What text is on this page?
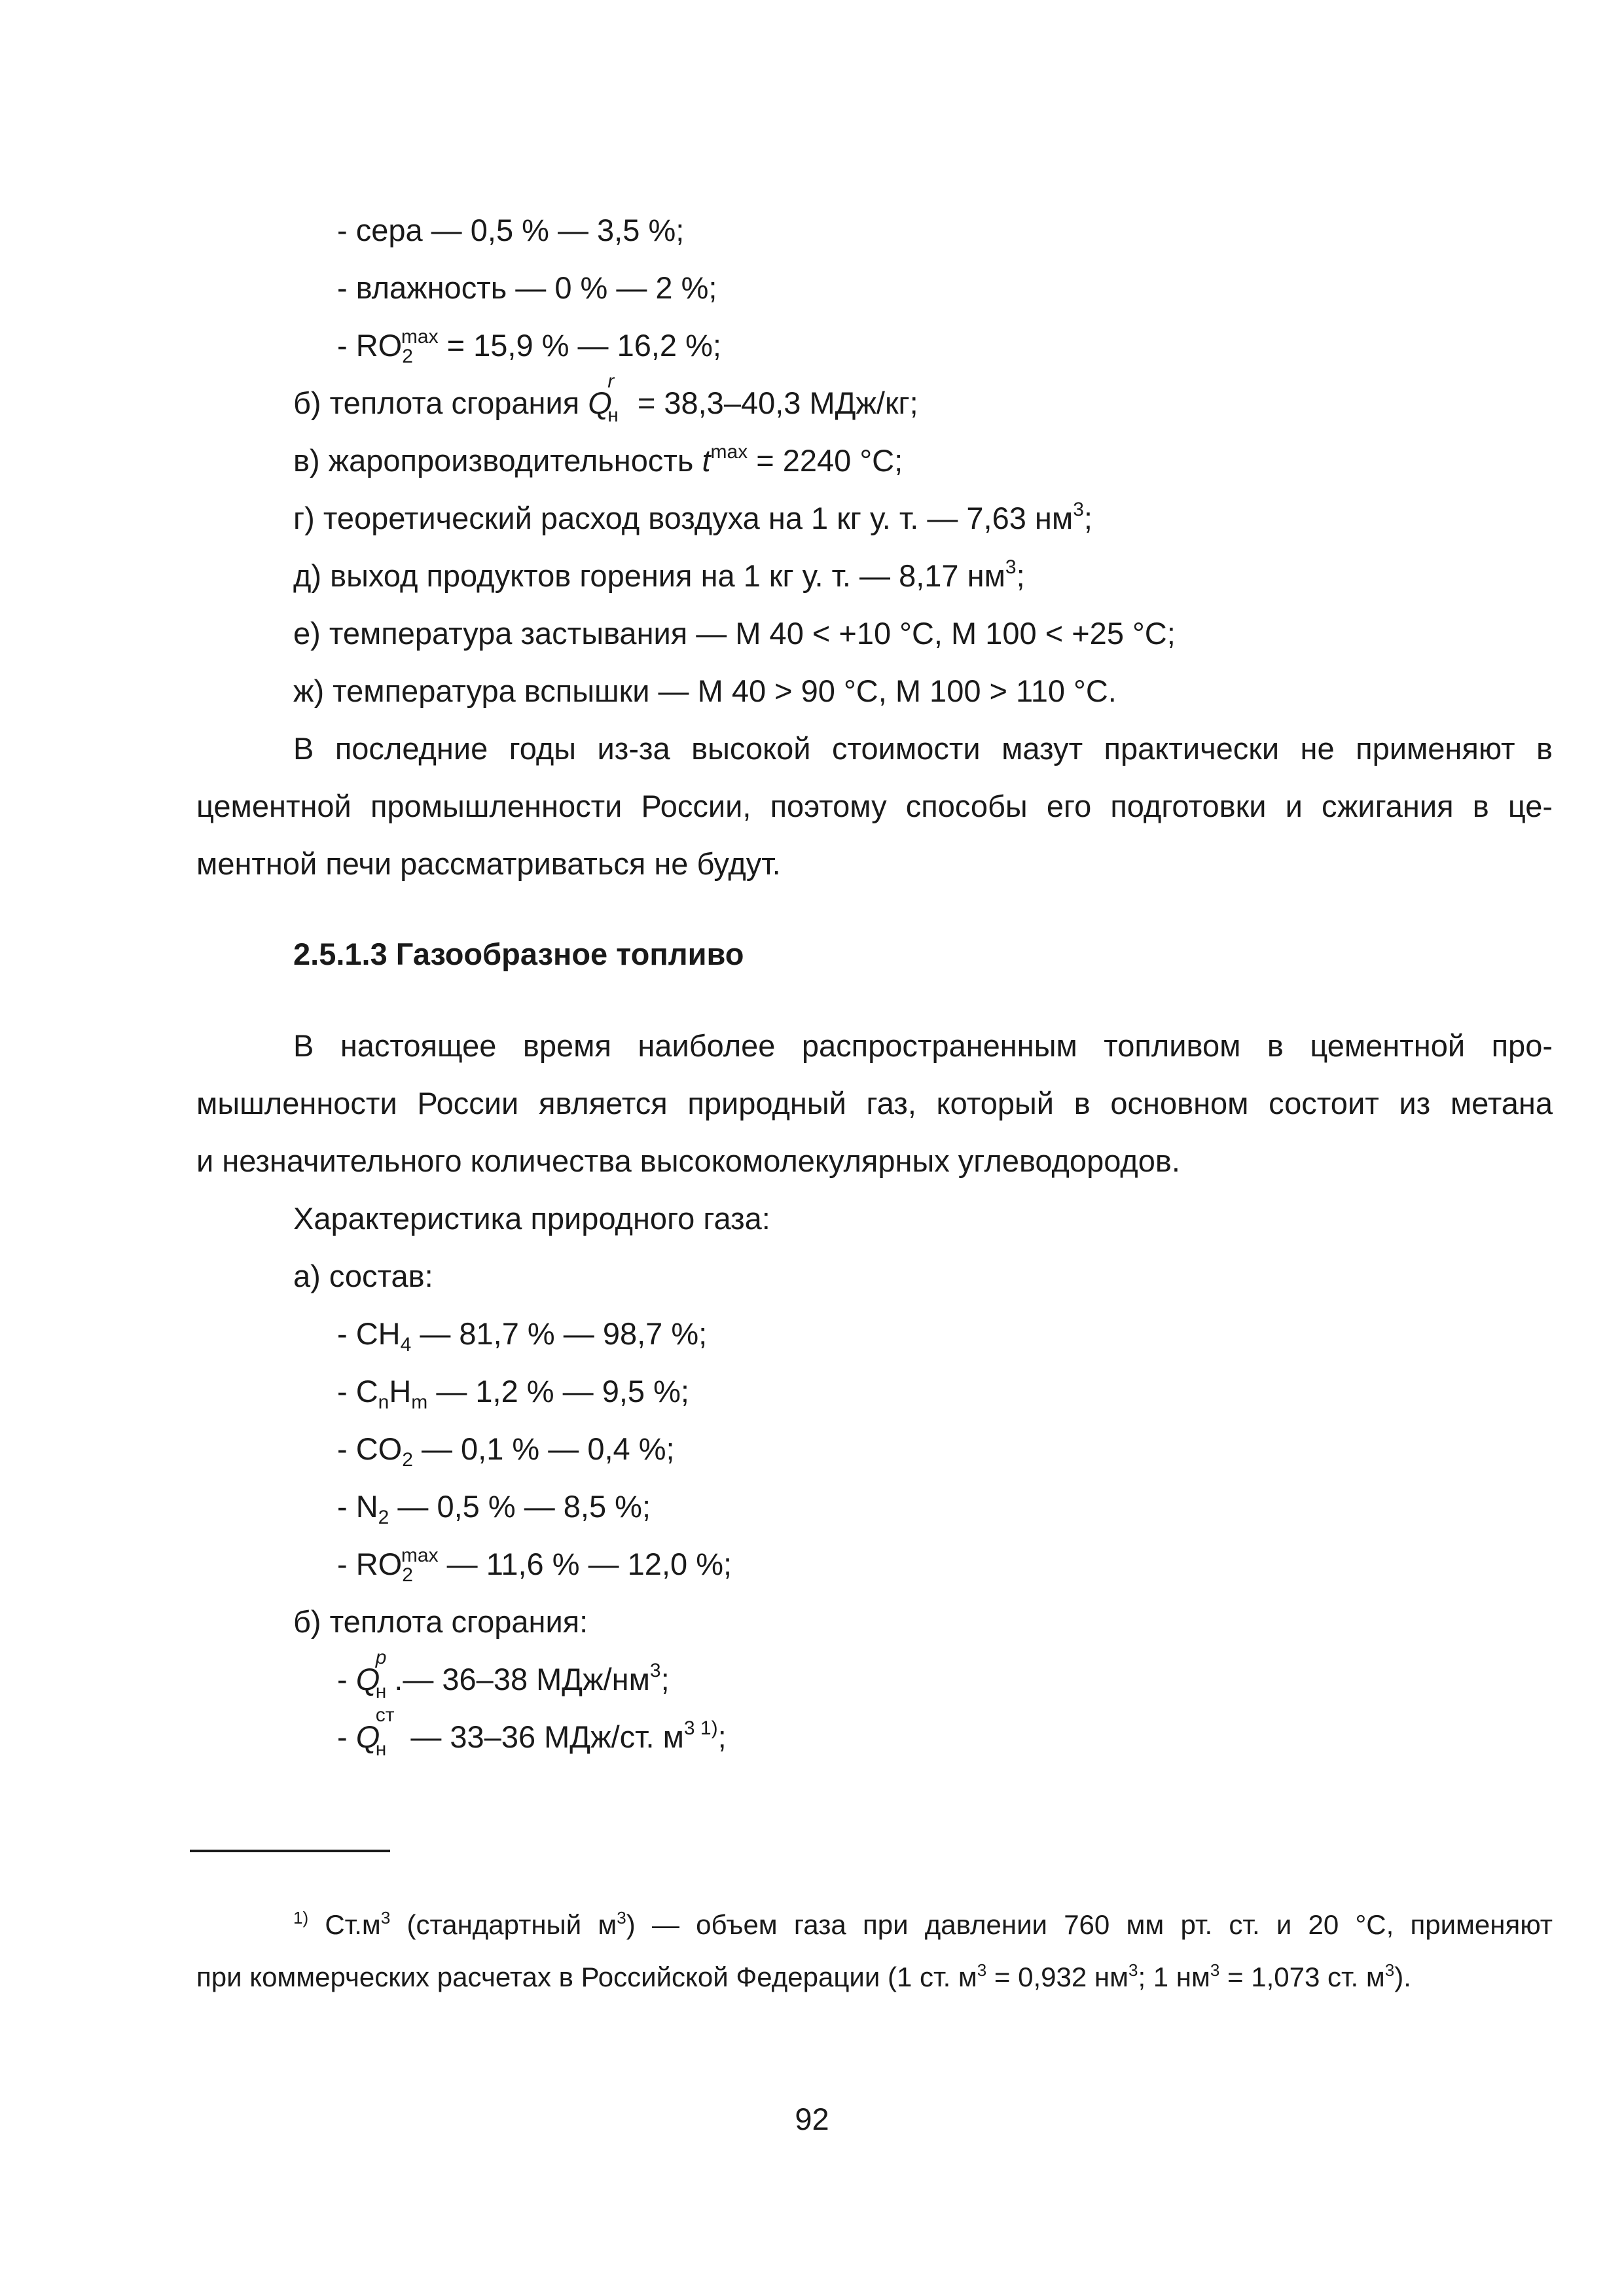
- сера — 0,5 % — 3,5 %;
- влажность — 0 % — 2 %;
- $RO_2^{max} = 15,9$ % — 16,2 %;
б) теплота сгорания Q
r
н = 38,3–40,3 МДж/кг;
в) жаропроизводительность $t^{max} = 2240$ °С;
г) теоретический расход воздуха на 1 кг у. т. — 7,63 $нм^3$;
д) выход продуктов горения на 1 кг у. т. — 8,17 $нм^3$;
е) температура застывания — М 40 < +10 °С, М 100 < +25 °С;
ж) температура вспышки — М 40 > 90 °С, М 100 > 110 °С.
В последние годы из-за высокой стоимости мазут практически не применяют в
цементной промышленности России, поэтому способы его подготовки и сжигания в це-
ментной печи рассматриваться не будут.
2.5.1.3 Газообразное топливо
В настоящее время наиболее распространенным топливом в цементной про-
мышленности России является природный газ, который в основном состоит из метана
и незначительного количества высокомолекулярных углеводородов.
Характеристика природного газа:
а) состав:
- $CH_4$ — 81,7 % — 98,7 %;
- $C_nH_m$ — 1,2 % — 9,5 %;
- $CO_2$ — 0,1 % — 0,4 %;
- $N_2$ — 0,5 % — 8,5 %;
- $RO_2^{max}$ — 11,6 % — 12,0 %;
б) теплота сгорания:
- Q
р
н .— 36–38 МДж/$нм^3$;
- Q
ст
н — 33–36 МДж/ст. $м^{3 1)}$;
$^{1)}$ $Ст.м^3$ (стандартный $м^3$) — объем газа при давлении 760 мм рт. ст. и 20 °С, применяют
при коммерческих расчетах в Российской Федерации (1 ст. $м^3 = 0,932$ $нм^3$; 1 $нм^3 = 1,073$ ст. $м^3$).
92
